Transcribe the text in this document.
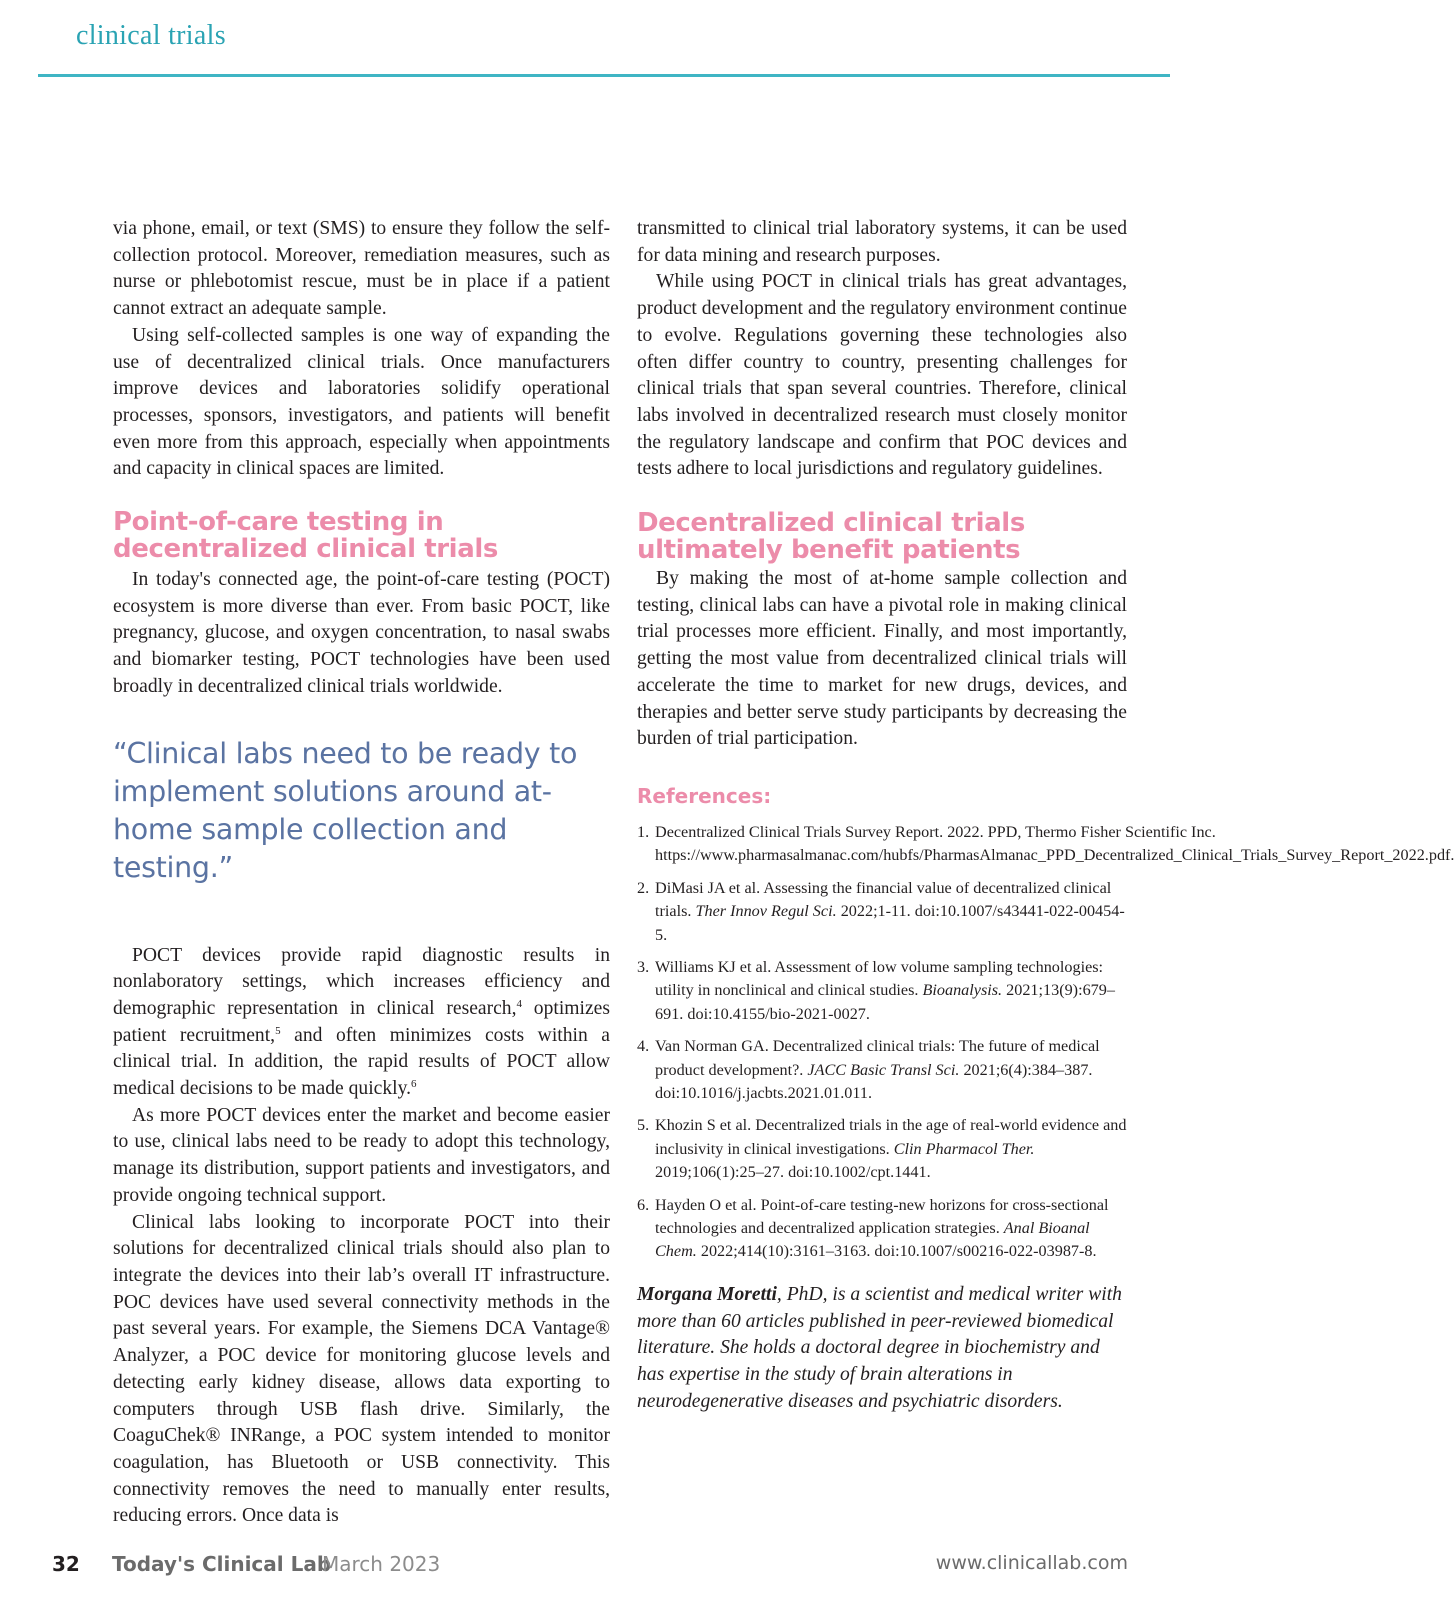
clinical trials

via phone, email, or text (SMS) to ensure they follow the self-collection protocol. Moreover, remediation measures, such as nurse or phlebotomist rescue, must be in place if a patient cannot extract an adequate sample.

Using self-collected samples is one way of expanding the use of decentralized clinical trials. Once manufacturers improve devices and laboratories solidify operational processes, sponsors, investigators, and patients will benefit even more from this approach, especially when appointments and capacity in clinical spaces are limited.

Point-of-care testing in decentralized clinical trials

In today's connected age, the point-of-care testing (POCT) ecosystem is more diverse than ever. From basic POCT, like pregnancy, glucose, and oxygen concentration, to nasal swabs and biomarker testing, POCT technologies have been used broadly in decentralized clinical trials worldwide.

“Clinical labs need to be ready to implement solutions around at-home sample collection and testing.”

POCT devices provide rapid diagnostic results in nonlaboratory settings, which increases efficiency and demographic representation in clinical research,$^4$ optimizes patient recruitment,$^5$ and often minimizes costs within a clinical trial. In addition, the rapid results of POCT allow medical decisions to be made quickly.$^6$

As more POCT devices enter the market and become easier to use, clinical labs need to be ready to adopt this technology, manage its distribution, support patients and investigators, and provide ongoing technical support.

Clinical labs looking to incorporate POCT into their solutions for decentralized clinical trials should also plan to integrate the devices into their lab’s overall IT infrastructure. POC devices have used several connectivity methods in the past several years. For example, the Siemens DCA Vantage® Analyzer, a POC device for monitoring glucose levels and detecting early kidney disease, allows data exporting to computers through USB flash drive. Similarly, the CoaguChek® INRange, a POC system intended to monitor coagulation, has Bluetooth or USB connectivity. This connectivity removes the need to manually enter results, reducing errors. Once data is

transmitted to clinical trial laboratory systems, it can be used for data mining and research purposes.

While using POCT in clinical trials has great advantages, product development and the regulatory environment continue to evolve. Regulations governing these technologies also often differ country to country, presenting challenges for clinical trials that span several countries. Therefore, clinical labs involved in decentralized research must closely monitor the regulatory landscape and confirm that POC devices and tests adhere to local jurisdictions and regulatory guidelines.

Decentralized clinical trials ultimately benefit patients

By making the most of at-home sample collection and testing, clinical labs can have a pivotal role in making clinical trial processes more efficient. Finally, and most importantly, getting the most value from decentralized clinical trials will accelerate the time to market for new drugs, devices, and therapies and better serve study participants by decreasing the burden of trial participation.

References:
1. Decentralized Clinical Trials Survey Report. 2022. PPD, Thermo Fisher Scientific Inc. https://www.pharmasalmanac.com/hubfs/PharmasAlmanac_PPD_Decentralized_Clinical_Trials_Survey_Report_2022.pdf.
2. DiMasi JA et al. Assessing the financial value of decentralized clinical trials. Ther Innov Regul Sci. 2022;1-11. doi:10.1007/s43441-022-00454-5.
3. Williams KJ et al. Assessment of low volume sampling technologies: utility in nonclinical and clinical studies. Bioanalysis. 2021;13(9):679–691. doi:10.4155/bio-2021-0027.
4. Van Norman GA. Decentralized clinical trials: The future of medical product development?. JACC Basic Transl Sci. 2021;6(4):384–387. doi:10.1016/j.jacbts.2021.01.011.
5. Khozin S et al. Decentralized trials in the age of real-world evidence and inclusivity in clinical investigations. Clin Pharmacol Ther. 2019;106(1):25–27. doi:10.1002/cpt.1441.
6. Hayden O et al. Point-of-care testing-new horizons for cross-sectional technologies and decentralized application strategies. Anal Bioanal Chem. 2022;414(10):3161–3163. doi:10.1007/s00216-022-03987-8.
Morgana Moretti, PhD, is a scientist and medical writer with more than 60 articles published in peer-reviewed biomedical literature. She holds a doctoral degree in biochemistry and has expertise in the study of brain alterations in neurodegenerative diseases and psychiatric disorders.
32 Today's Clinical Lab
March 2023	www.clinicallab.com
